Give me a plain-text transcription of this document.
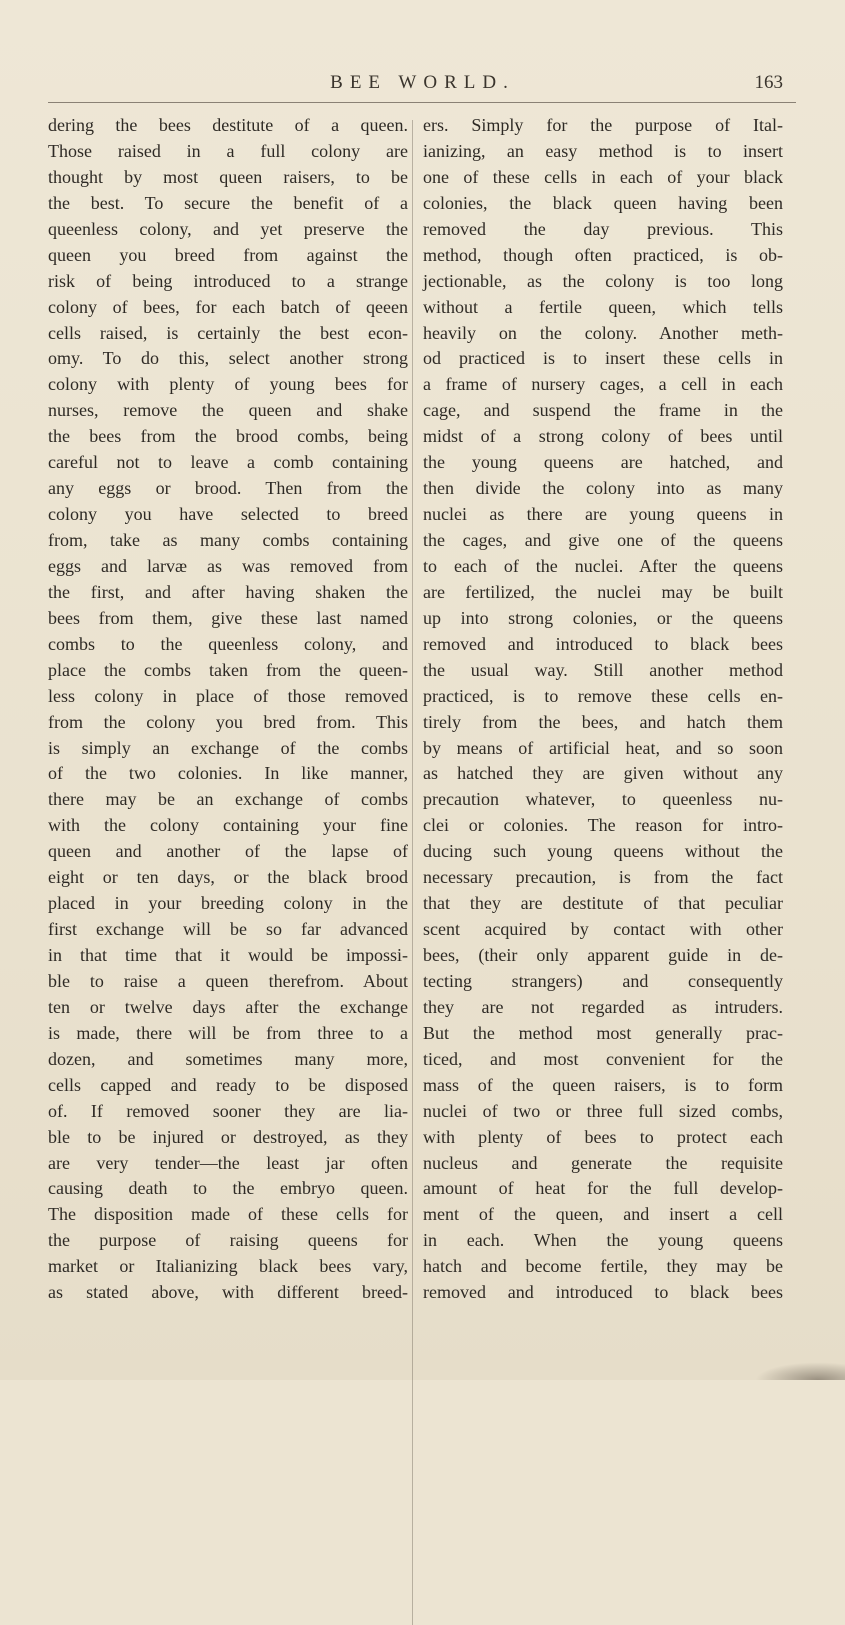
BEE WORLD.	163
dering the bees destitute of a queen.
Those raised in a full colony are
thought by most queen raisers, to be
the best. To secure the benefit of a
queenless colony, and yet preserve the
queen you breed from against the
risk of being introduced to a strange
colony of bees, for each batch of qeeen
cells raised, is certainly the best econ-
omy. To do this, select another strong
colony with plenty of young bees for
nurses, remove the queen and shake
the bees from the brood combs, being
careful not to leave a comb containing
any eggs or brood. Then from the
colony you have selected to breed
from, take as many combs containing
eggs and larvæ as was removed from
the first, and after having shaken the
bees from them, give these last named
combs to the queenless colony, and
place the combs taken from the queen-
less colony in place of those removed
from the colony you bred from. This
is simply an exchange of the combs
of the two colonies. In like manner,
there may be an exchange of combs
with the colony containing your fine
queen and another of the lapse of
eight or ten days, or the black brood
placed in your breeding colony in the
first exchange will be so far advanced
in that time that it would be impossi-
ble to raise a queen therefrom. About
ten or twelve days after the exchange
is made, there will be from three to a
dozen, and sometimes many more,
cells capped and ready to be disposed
of. If removed sooner they are lia-
ble to be injured or destroyed, as they
are very tender—the least jar often
causing death to the embryo queen.
The disposition made of these cells for
the purpose of raising queens for
market or Italianizing black bees vary,
as stated above, with different breed-
ers. Simply for the purpose of Ital-
ianizing, an easy method is to insert
one of these cells in each of your black
colonies, the black queen having been
removed the day previous. This
method, though often practiced, is ob-
jectionable, as the colony is too long
without a fertile queen, which tells
heavily on the colony. Another meth-
od practiced is to insert these cells in
a frame of nursery cages, a cell in each
cage, and suspend the frame in the
midst of a strong colony of bees until
the young queens are hatched, and
then divide the colony into as many
nuclei as there are young queens in
the cages, and give one of the queens
to each of the nuclei. After the queens
are fertilized, the nuclei may be built
up into strong colonies, or the queens
removed and introduced to black bees
the usual way. Still another method
practiced, is to remove these cells en-
tirely from the bees, and hatch them
by means of artificial heat, and so soon
as hatched they are given without any
precaution whatever, to queenless nu-
clei or colonies. The reason for intro-
ducing such young queens without the
necessary precaution, is from the fact
that they are destitute of that peculiar
scent acquired by contact with other
bees, (their only apparent guide in de-
tecting strangers) and consequently
they are not regarded as intruders.
But the method most generally prac-
ticed, and most convenient for the
mass of the queen raisers, is to form
nuclei of two or three full sized combs,
with plenty of bees to protect each
nucleus and generate the requisite
amount of heat for the full develop-
ment of the queen, and insert a cell
in each. When the young queens
hatch and become fertile, they may be
removed and introduced to black bees
